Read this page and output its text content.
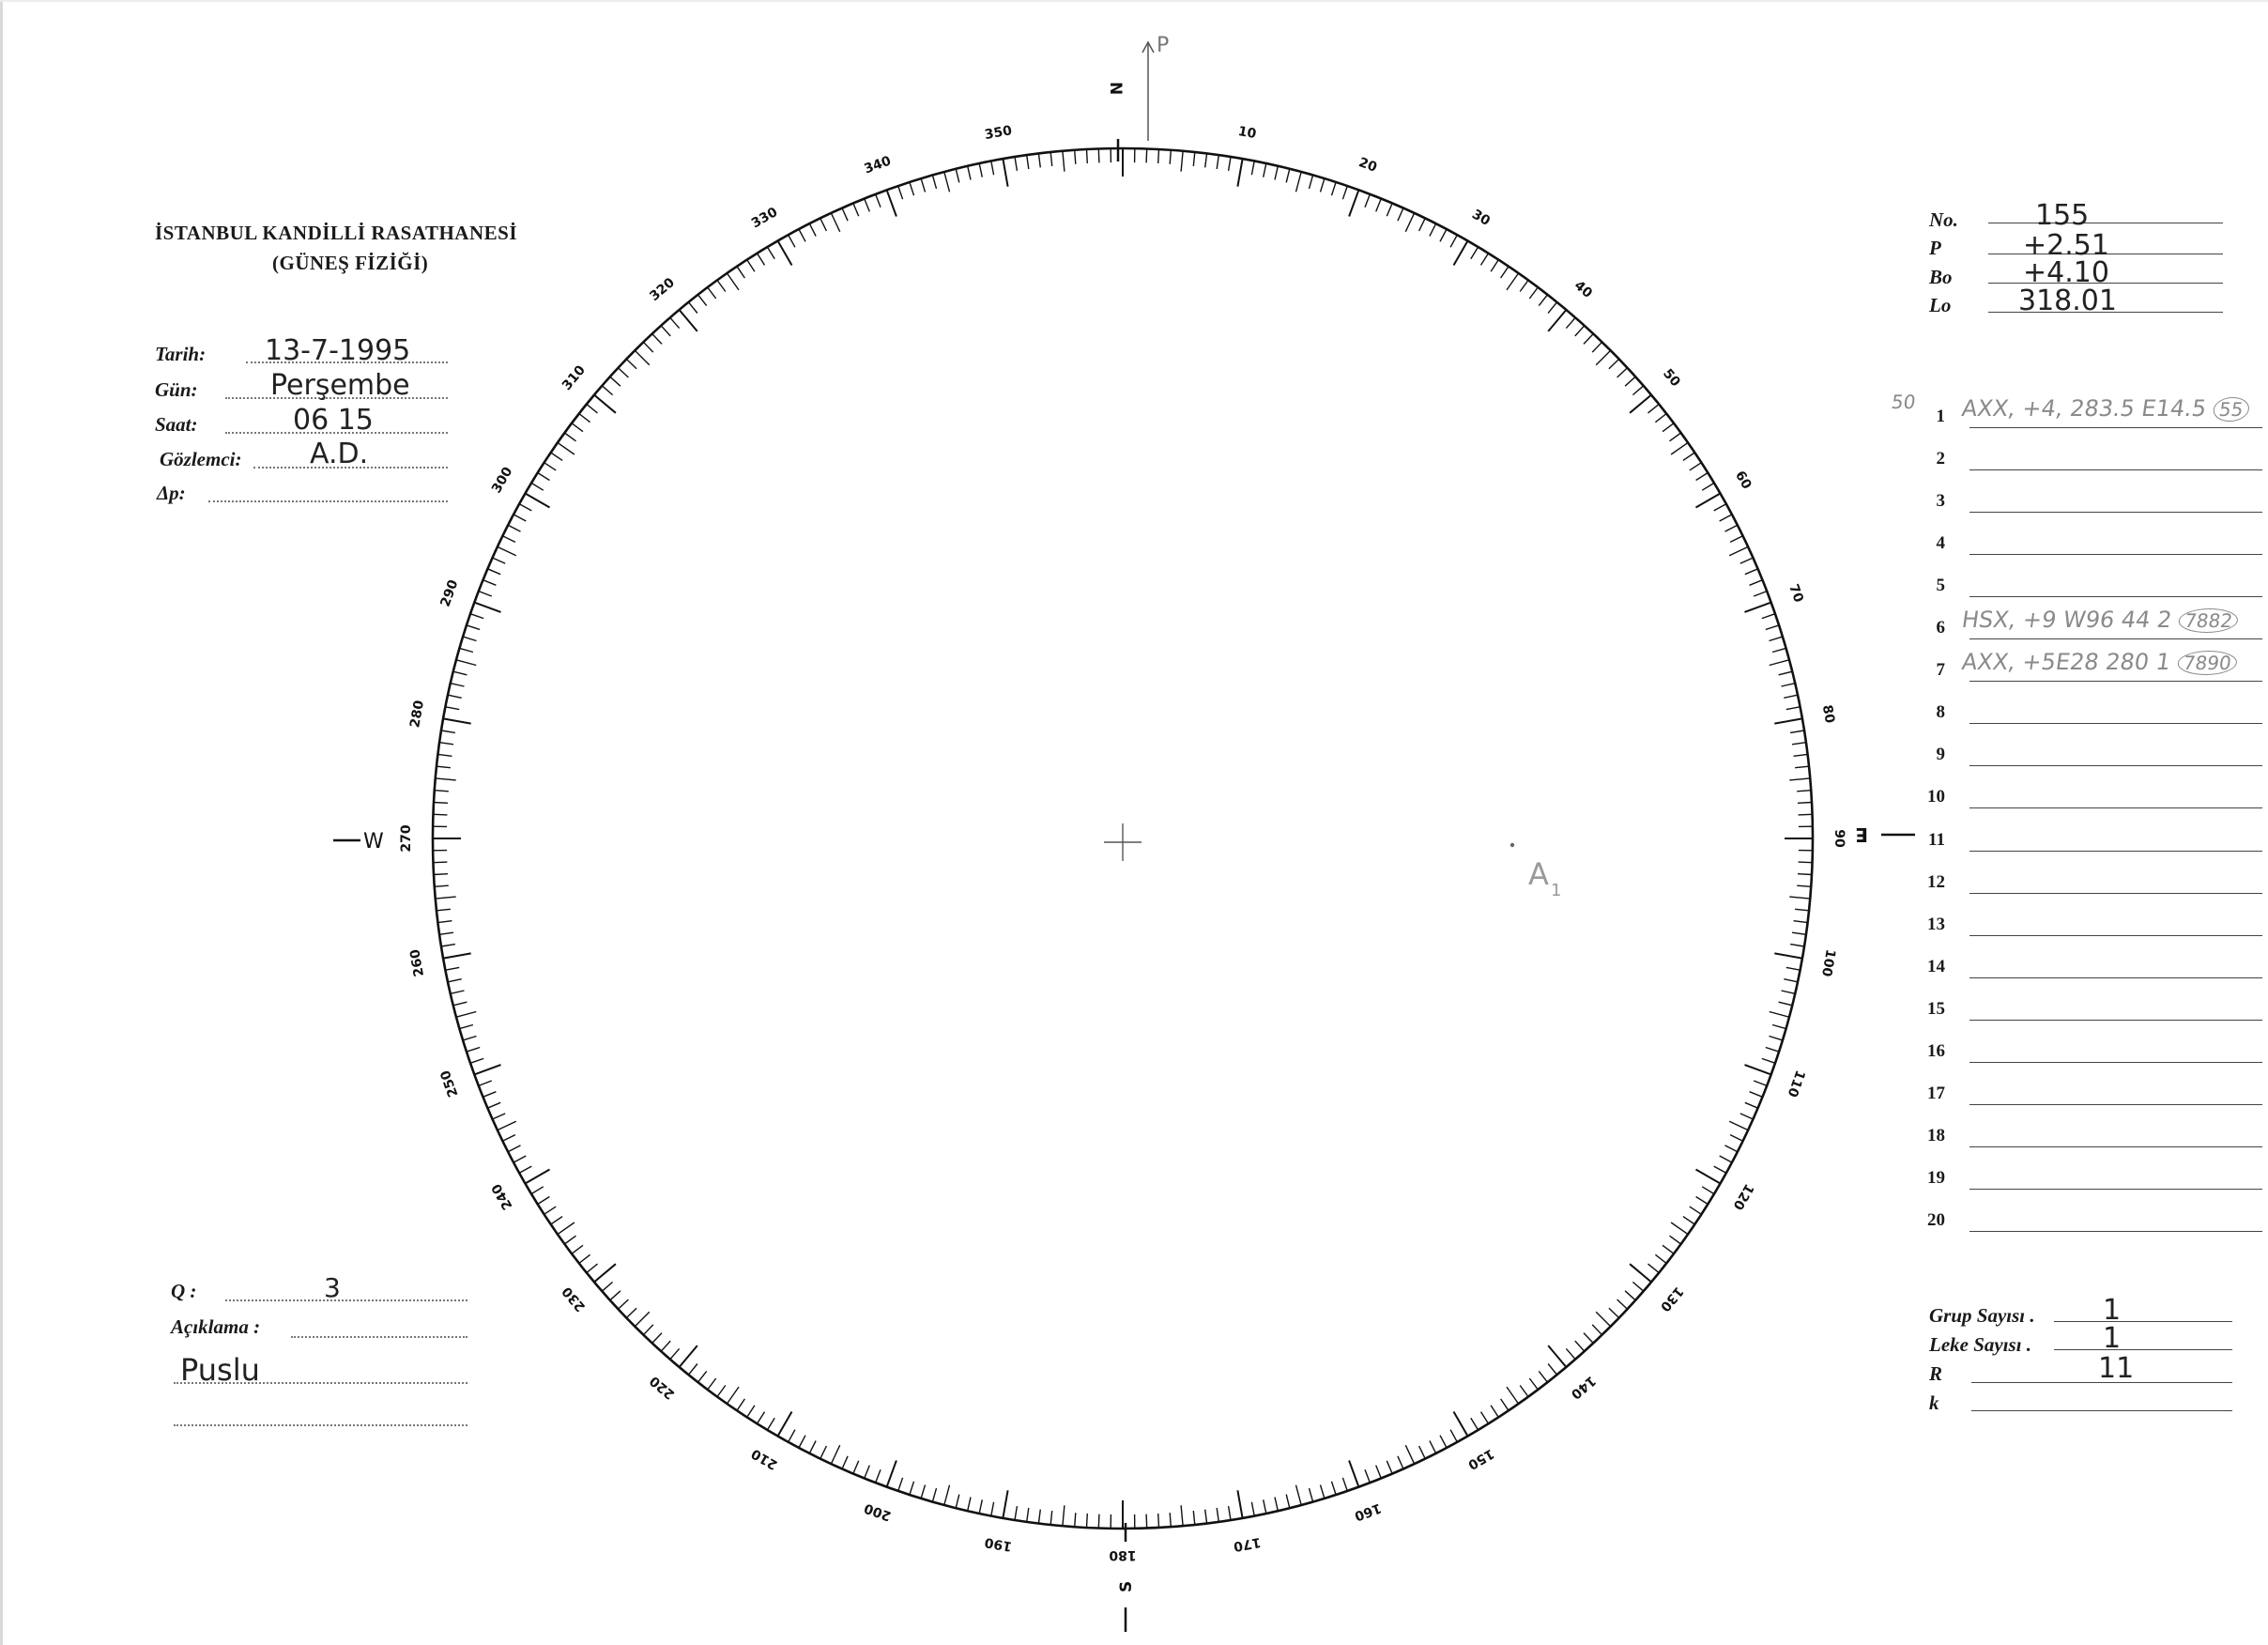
İSTANBUL KANDİLLİ RASATHANESİ
(GÜNEŞ FİZİĞİ)
Tarih: 13-7-1995
Gün:	Perşembe
Saat:	06 15
Gözlemci: A.D.
Δp:
Q :	3
Açıklama :
Puslu
No.	155
P	+2.51
Bo	+4.10
Lo 318.01
50
1 AXX, +4, 283.5 E14.5 55
2
3
4
5
6 HSX, +9 W96 44 2 7882
7 AXX, +5E28 280 1 7890
8
9
10
11
12
13
14
15
16
17
18
19
20
Grup Sayısı . 1
Leke Sayısı .	1
R	11
k
350
340
330
320
310
300
290
280
270
260
250
240
230
220
210
200
190
180
170
160
150
140
130
120
110
100
90
80
70
60
50
40
30
20
10
N
E
S
W
P
A 1
